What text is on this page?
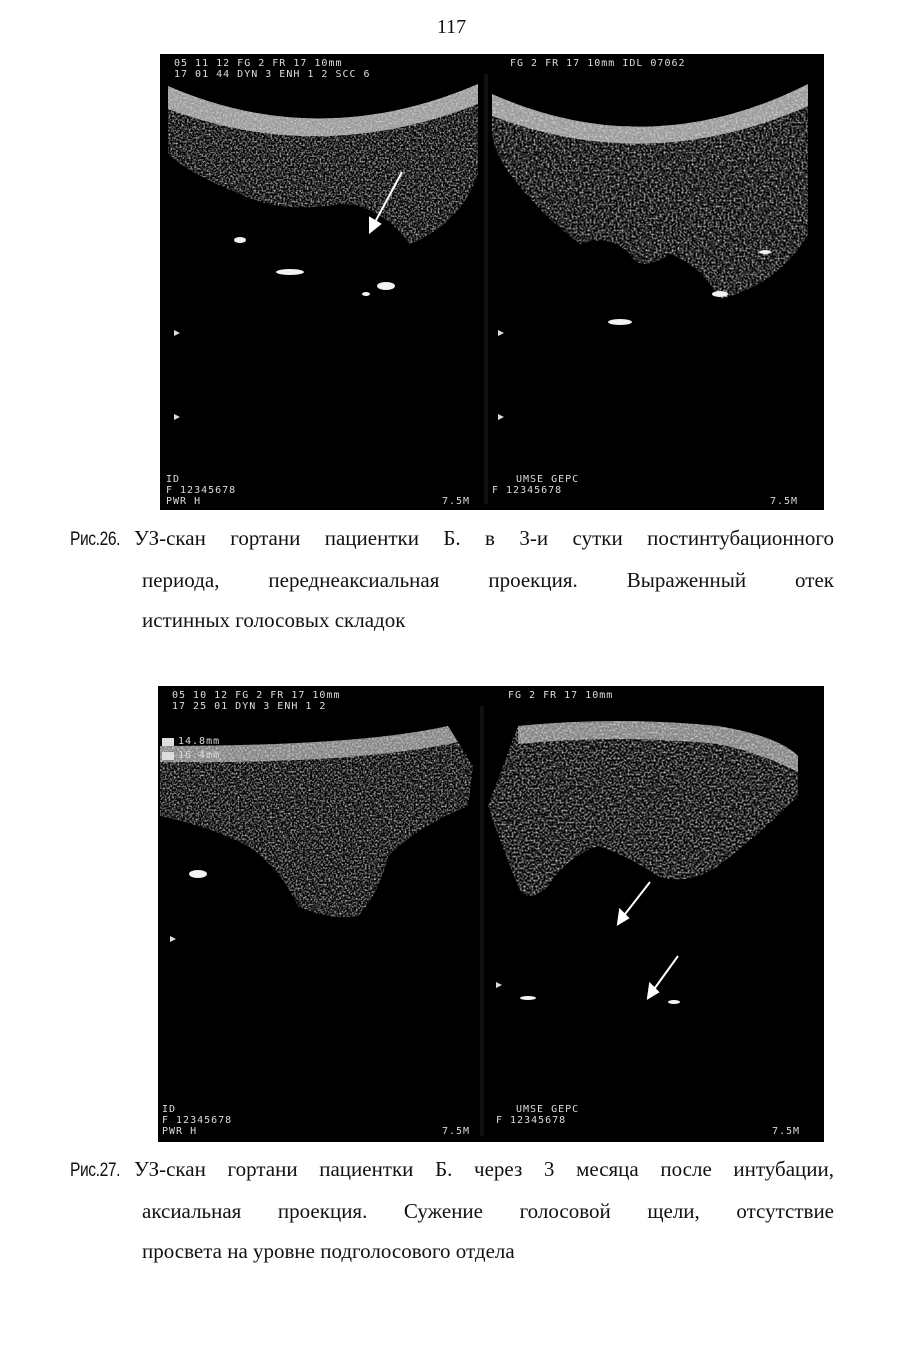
117
05 11 12 FG 2 FR 17 10mm
17 01 44 DYN 3 ENH 1 2 SCC 6
FG 2 FR 17 10mm IDL 07062
ID
F 12345678
PWR H
UMSE GEPC
F 12345678
7.5M	7.5M
Рис.26. УЗ-скан гортани пациентки Б. в 3-и сутки постинтубационного
периода, переднеаксиальная проекция. Выраженный отек
истинных голосовых складок
05 10 12 FG 2 FR 17 10mm
17 25 01 DYN 3 ENH 1 2
FG 2 FR 17 10mm
14.8mm
16.4mm
ID
F 12345678
PWR H
UMSE GEPC
F 12345678
7.5M	7.5M
Рис.27. УЗ-скан гортани пациентки Б. через 3 месяца после интубации,
аксиальная проекция. Сужение голосовой щели, отсутствие
просвета на уровне подголосового отдела
